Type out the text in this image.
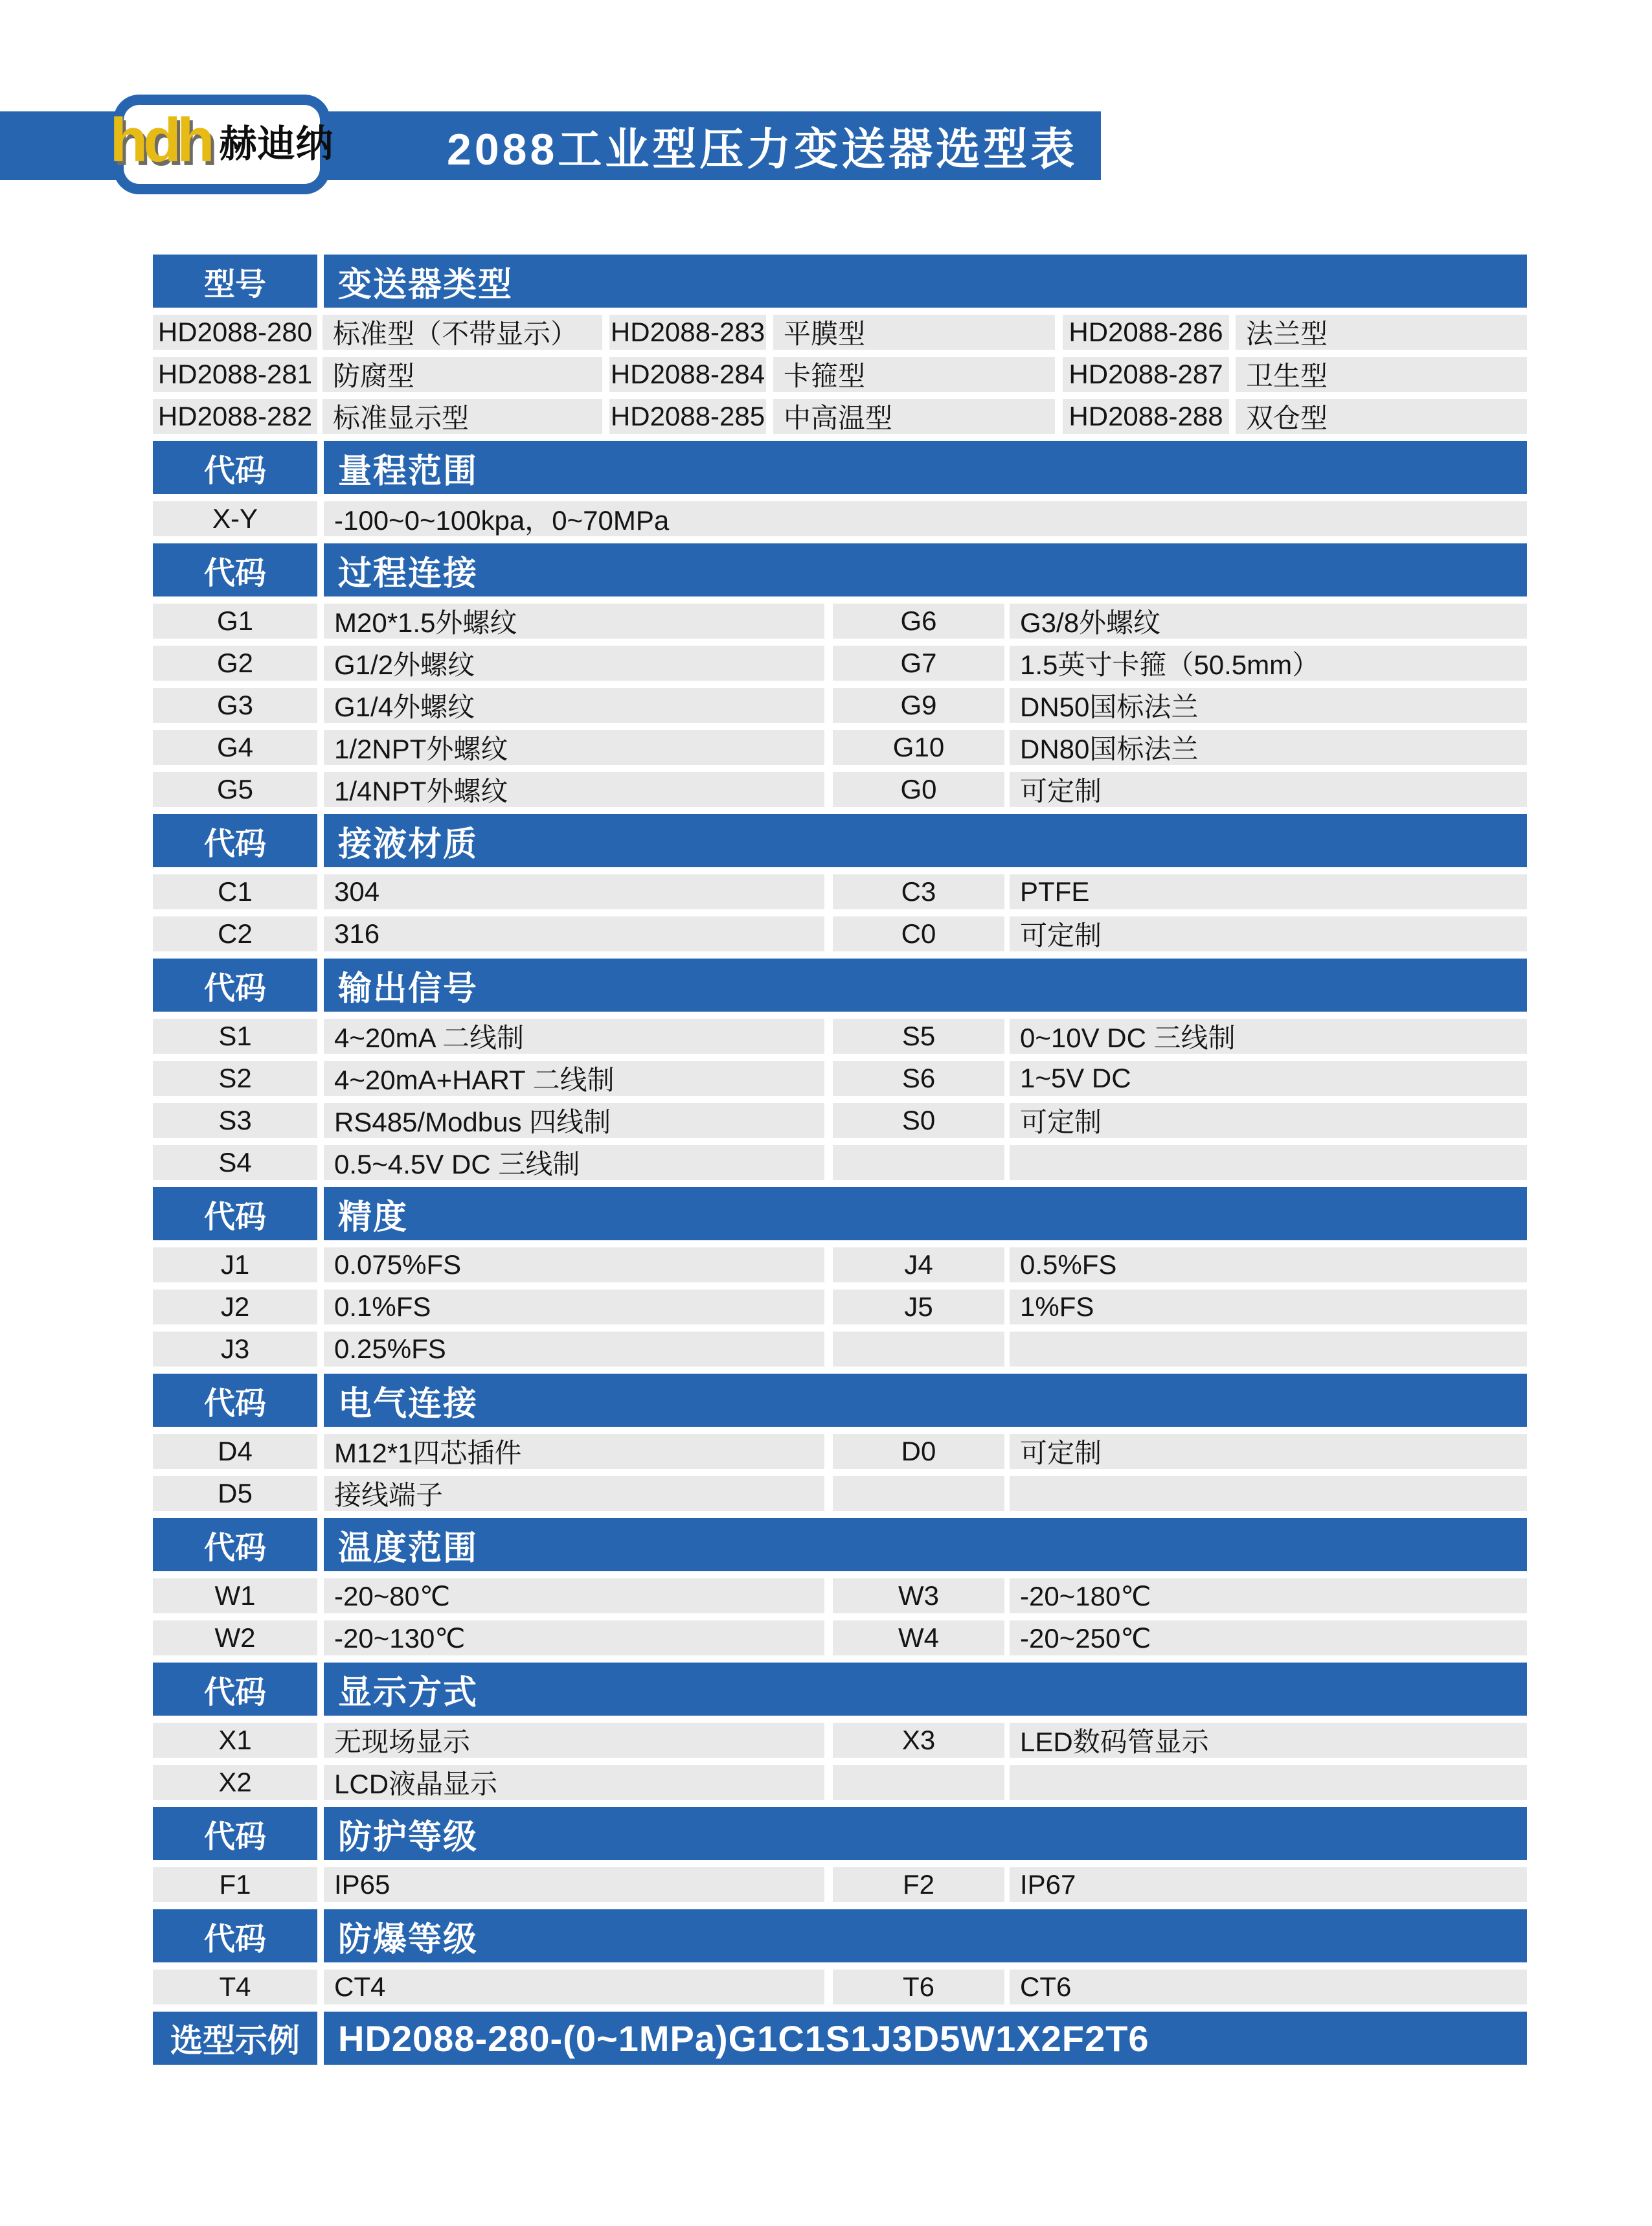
2088工业型压力变送器选型表
hdh 赫迪纳
型号	变送器类型
HD2088-280 标准型（不带显示）	HD2088-283 平膜型	HD2088-286 法兰型
HD2088-281 防腐型	HD2088-284 卡箍型	HD2088-287 卫生型
HD2088-282 标准显示型	HD2088-285 中高温型	HD2088-288 双仓型
代码	量程范围
X-Y	-100~0~100kpa，0~70MPa
代码	过程连接
G1	M20*1.5外螺纹	G6	G3/8外螺纹
G2	G1/2外螺纹	G7	1.5英寸卡箍（50.5mm）
G3	G1/4外螺纹	G9	DN50国标法兰
G4	1/2NPT外螺纹	G10	DN80国标法兰
G5	1/4NPT外螺纹	G0	可定制
代码	接液材质
C1	304	C3	PTFE
C2	316	C0	可定制
代码	输出信号
S1	4~20mA 二线制	S5	0~10V DC 三线制
S2	4~20mA+HART 二线制	S6	1~5V DC
S3	RS485/Modbus 四线制	S0	可定制
S4	0.5~4.5V DC 三线制
代码	精度
J1	0.075%FS	J4	0.5%FS
J2	0.1%FS	J5	1%FS
J3	0.25%FS
代码	电气连接
D4	M12*1四芯插件	D0	可定制
D5	接线端子
代码	温度范围
W1	-20~80℃	W3	-20~180℃
W2	-20~130℃	W4	-20~250℃
代码	显示方式
X1	无现场显示	X3	LED数码管显示
X2	LCD液晶显示
代码	防护等级
F1	IP65	F2	IP67
代码	防爆等级
T4	CT4	T6	CT6
选型示例	HD2088-280-(0~1MPa)G1C1S1J3D5W1X2F2T6
